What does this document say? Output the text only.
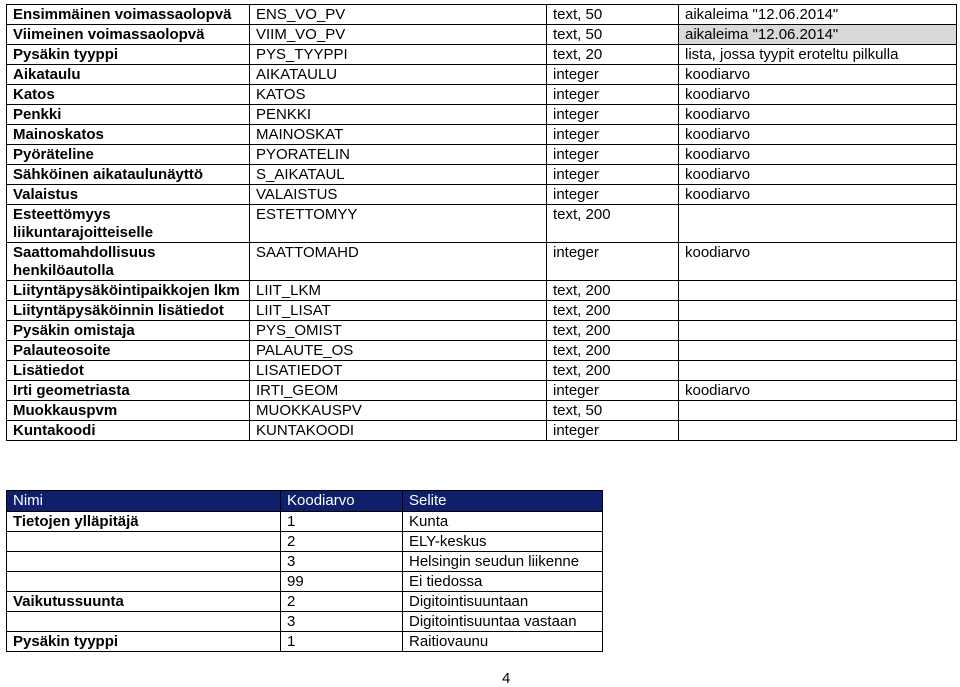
Ensimmäinen voimassaolopvä	ENS_VO_PV	text, 50	aikaleima "12.06.2014"
Viimeinen voimassaolopvä	VIIM_VO_PV	text, 50	aikaleima "12.06.2014"
Pysäkin tyyppi	PYS_TYYPPI	text, 20	lista, jossa tyypit eroteltu pilkulla
Aikataulu	AIKATAULU	integer	koodiarvo
Katos	KATOS	integer	koodiarvo
Penkki	PENKKI	integer	koodiarvo
Mainoskatos	MAINOSKAT	integer	koodiarvo
Pyöräteline	PYORATELIN	integer	koodiarvo
Sähköinen aikataulunäyttö	S_AIKATAUL	integer	koodiarvo
Valaistus	VALAISTUS	integer	koodiarvo
Esteettömyys liikuntarajoitteiselle	ESTETTOMYY	text, 200	
Saattomahdollisuus henkilöautolla	SAATTOMAHD	integer	koodiarvo
Liityntäpysäköintipaikkojen lkm	LIIT_LKM	text, 200	
Liityntäpysäköinnin lisätiedot	LIIT_LISAT	text, 200	
Pysäkin omistaja	PYS_OMIST	text, 200	
Palauteosoite	PALAUTE_OS	text, 200	
Lisätiedot	LISATIEDOT	text, 200	
Irti geometriasta	IRTI_GEOM	integer	koodiarvo
Muokkauspvm	MUOKKAUSPV	text, 50	
Kuntakoodi	KUNTAKOODI	integer	
Nimi	Koodiarvo	Selite
Tietojen ylläpitäjä	1	Kunta
	2	ELY-keskus
	3	Helsingin seudun liikenne
	99	Ei tiedossa
Vaikutussuunta	2	Digitointisuuntaan
	3	Digitointisuuntaa vastaan
Pysäkin tyyppi	1	Raitiovaunu
4
